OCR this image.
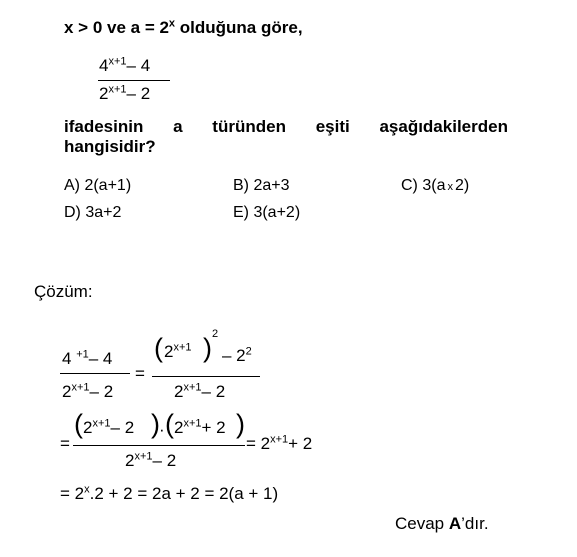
x > 0 ve $a = 2^x$ olduğuna göre,
$4^{x+1}-$ 4
$2^{x+1}-$ 2
ifadesinin a türünden eşiti aşağıdakilerden
hangisidir?
A) 2(a+1)	B) 2a+3	C) 3(a x 2)
D) 3a+2	E) 3(a+2)
Çözüm:
4 $^{+1}$– 4
$2^{x+1}-$ 2
=
( $2^{x+1}$ ) 2
– $2^2$
$2^{x+1}-$ 2
=
( $2^{x+1}-$ 2 ) · ( $2^{x+1}+ 2$ )
$2^{x+1}-$ 2
= $2^{x+1}+ 2$
= $2^x.2 + 2 = 2a + 2 = 2(a + 1)$
Cevap A’dır.
